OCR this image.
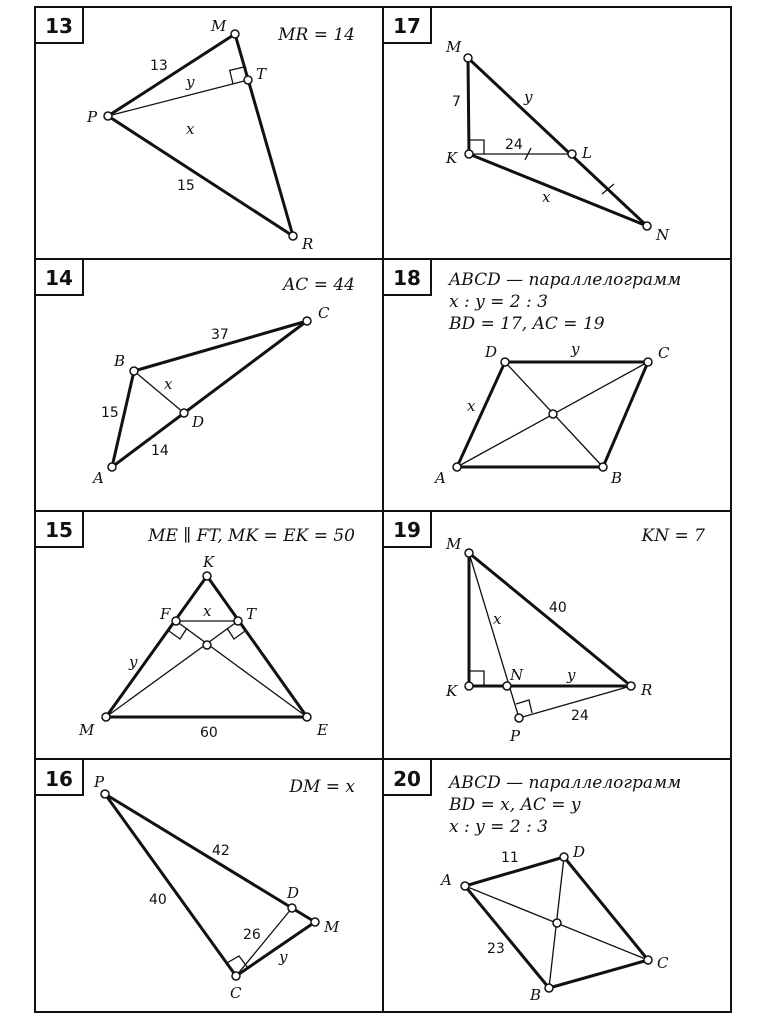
13	MR = 14
M
T
P
R
13
y
x
15
17
M
K	L
N
7	y
24
x
14	AC = 44
B
C
D
A
37
x
15
14
18 ABCD — параллелограмм
x : y = 2 : 3
BD = 17, AC = 19
D	C
A	B
y
x
15	ME ∥ FT, MK = EK = 50
K
F	T
M	E
x
y
60
19	KN = 7
M
K
N
R
P
40
x
y
24
16	DM = x
P
D
M
C
42
40
26
y
20 ABCD — параллелограмм
BD = x, AC = y
x : y = 2 : 3
A
D
C
B
11
23
